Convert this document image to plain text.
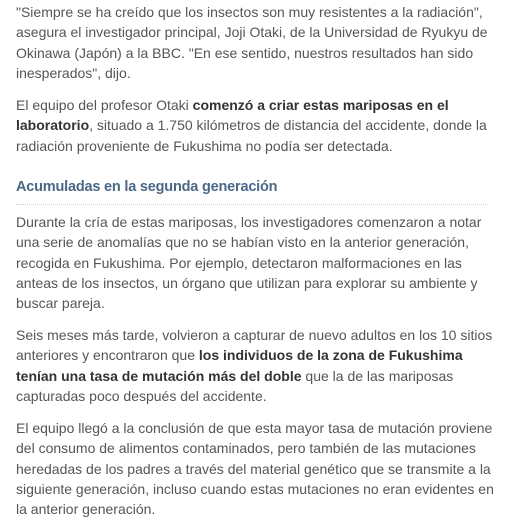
"Siempre se ha creído que los insectos son muy resistentes a la radiación", asegura el investigador principal, Joji Otaki, de la Universidad de Ryukyu de Okinawa (Japón) a la BBC. "En ese sentido, nuestros resultados han sido inesperados", dijo.

El equipo del profesor Otaki comenzó a criar estas mariposas en el laboratorio, situado a 1.750 kilómetros de distancia del accidente, donde la radiación proveniente de Fukushima no podía ser detectada.

Acumuladas en la segunda generación

Durante la cría de estas mariposas, los investigadores comenzaron a notar una serie de anomalías que no se habían visto en la anterior generación, recogida en Fukushima. Por ejemplo, detectaron malformaciones en las anteas de los insectos, un órgano que utilizan para explorar su ambiente y buscar pareja.

Seis meses más tarde, volvieron a capturar de nuevo adultos en los 10 sitios anteriores y encontraron que los individuos de la zona de Fukushima tenían una tasa de mutación más del doble que la de las mariposas capturadas poco después del accidente.

El equipo llegó a la conclusión de que esta mayor tasa de mutación proviene del consumo de alimentos contaminados, pero también de las mutaciones heredadas de los padres a través del material genético que se transmite a la siguiente generación, incluso cuando estas mutaciones no eran evidentes en la anterior generación.
